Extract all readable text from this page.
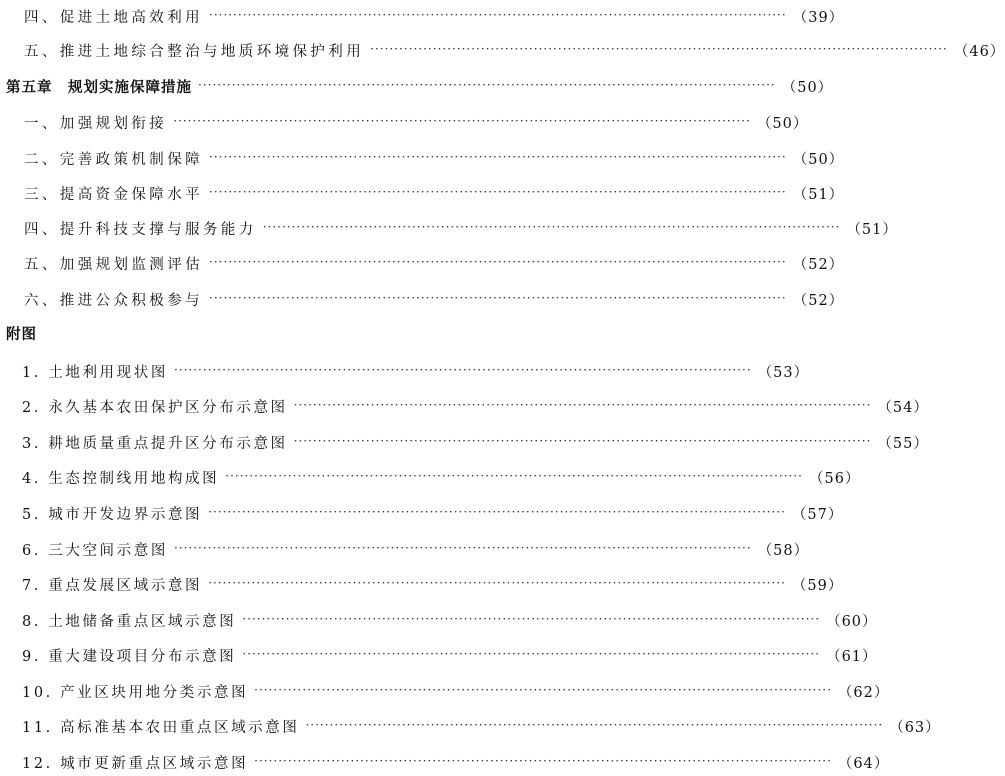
四、促进土地高效利用 ························································································································ （39）
五、推进土地综合整治与地质环境保护利用 ························································································································ （46）
第五章　规划实施保障措施 ························································································································ （50）
一、加强规划衔接 ························································································································ （50）
二、完善政策机制保障 ························································································································ （50）
三、提高资金保障水平 ························································································································ （51）
四、提升科技支撑与服务能力 ························································································································ （51）
五、加强规划监测评估 ························································································································ （52）
六、推进公众积极参与 ························································································································ （52）
附图
1. 土地利用现状图 ························································································································ （53）
2. 永久基本农田保护区分布示意图 ························································································································ （54）
3. 耕地质量重点提升区分布示意图 ························································································································ （55）
4. 生态控制线用地构成图 ························································································································ （56）
5. 城市开发边界示意图 ························································································································ （57）
6. 三大空间示意图 ························································································································ （58）
7. 重点发展区域示意图 ························································································································ （59）
8. 土地储备重点区域示意图 ························································································································ （60）
9. 重大建设项目分布示意图 ························································································································ （61）
10. 产业区块用地分类示意图 ························································································································ （62）
11. 高标准基本农田重点区域示意图 ························································································································ （63）
12. 城市更新重点区域示意图 ························································································································ （64）
